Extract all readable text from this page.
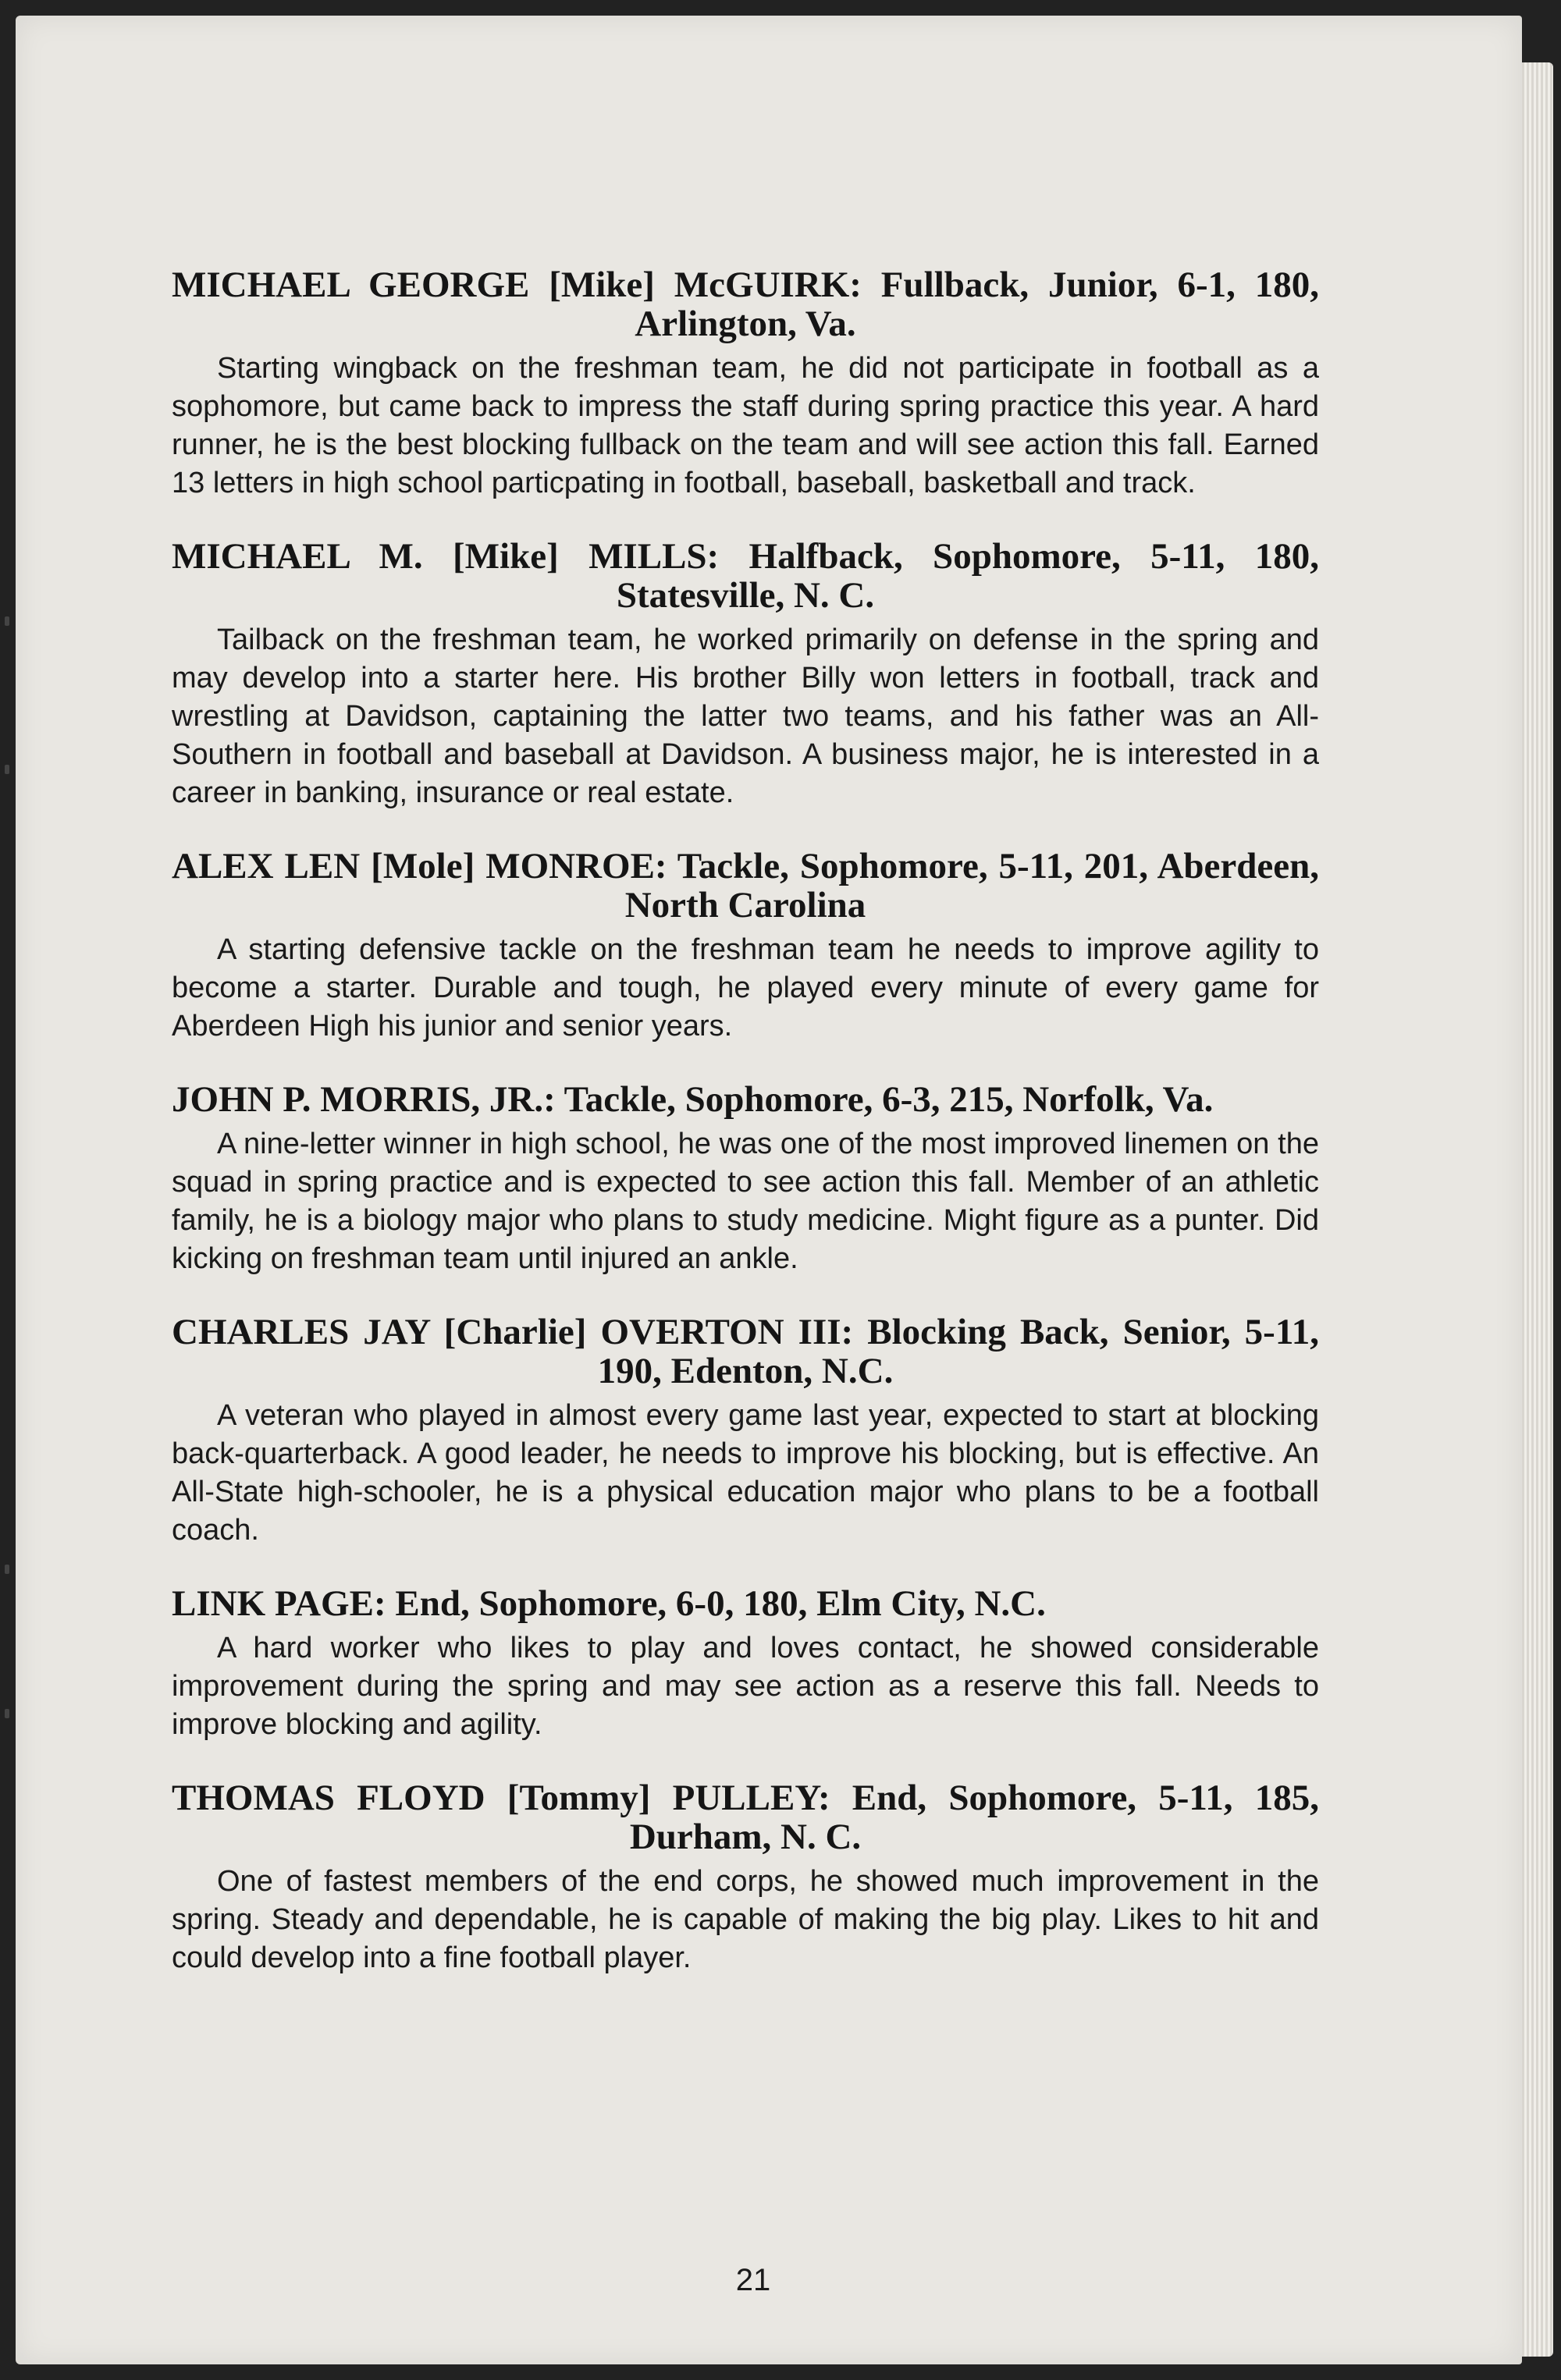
MICHAEL GEORGE [Mike] McGUIRK: Fullback, Junior, 6-1, 180,
Arlington, Va.
Starting wingback on the freshman team, he did not participate in football as a sophomore, but came back to impress the staff during spring practice this year. A hard runner, he is the best blocking fullback on the team and will see action this fall. Earned 13 letters in high school particpating in football, baseball, basketball and track.
MICHAEL M. [Mike] MILLS: Halfback, Sophomore, 5-11, 180,
Statesville, N. C.
Tailback on the freshman team, he worked primarily on defense in the spring and may develop into a starter here. His brother Billy won letters in football, track and wrestling at Davidson, captaining the latter two teams, and his father was an All-Southern in football and baseball at Davidson. A business major, he is interested in a career in banking, insurance or real estate.
ALEX LEN [Mole] MONROE: Tackle, Sophomore, 5-11, 201, Aberdeen,
North Carolina
A starting defensive tackle on the freshman team he needs to improve agility to become a starter. Durable and tough, he played every minute of every game for Aberdeen High his junior and senior years.
JOHN P. MORRIS, JR.: Tackle, Sophomore, 6-3, 215, Norfolk, Va.
A nine-letter winner in high school, he was one of the most improved linemen on the squad in spring practice and is expected to see action this fall. Member of an athletic family, he is a biology major who plans to study medicine. Might figure as a punter. Did kicking on freshman team until injured an ankle.
CHARLES JAY [Charlie] OVERTON III: Blocking Back, Senior, 5-11,
190, Edenton, N.C.
A veteran who played in almost every game last year, expected to start at blocking back-quarterback. A good leader, he needs to improve his blocking, but is effective. An All-State high-schooler, he is a physical education major who plans to be a football coach.
LINK PAGE: End, Sophomore, 6-0, 180, Elm City, N.C.
A hard worker who likes to play and loves contact, he showed considerable improvement during the spring and may see action as a reserve this fall. Needs to improve blocking and agility.
THOMAS FLOYD [Tommy] PULLEY: End, Sophomore, 5-11, 185,
Durham, N. C.
One of fastest members of the end corps, he showed much improvement in the spring. Steady and dependable, he is capable of making the big play. Likes to hit and could develop into a fine football player.
21
